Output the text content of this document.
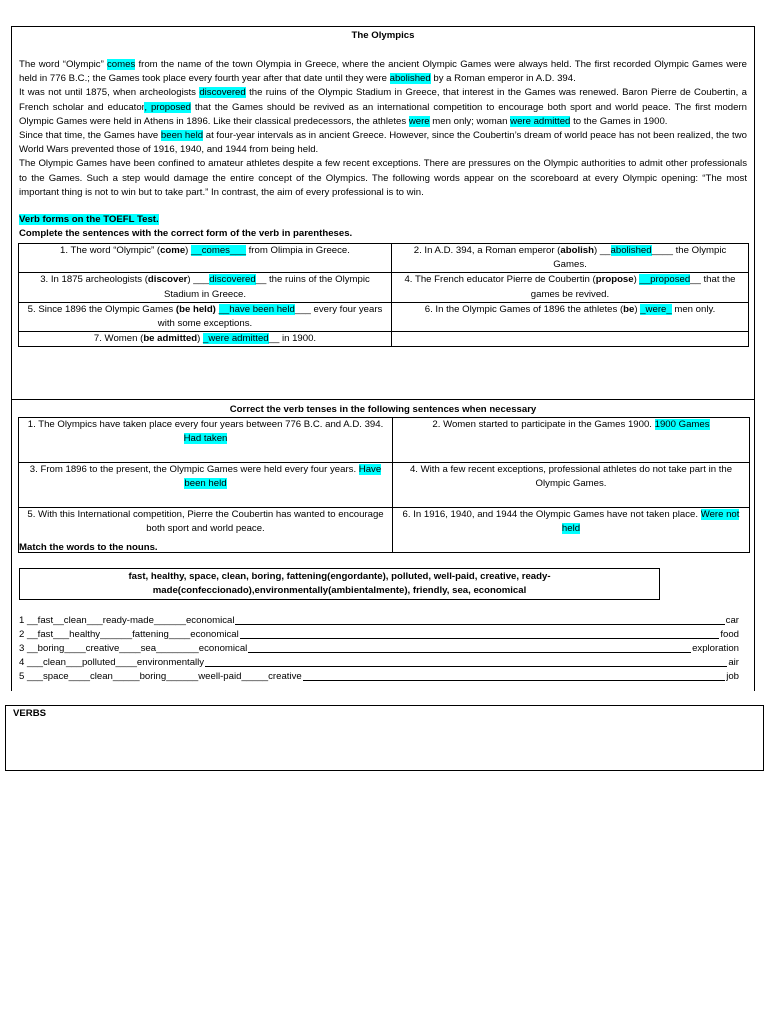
The Olympics

The word “Olympic” comes from the name of the town Olympia in Greece, where the ancient Olympic Games were always held. The first recorded Olympic Games were held in 776 B.C.; the Games took place every fourth year after that date until they were abolished by a Roman emperor in A.D. 394.

It was not until 1875, when archeologists discovered the ruins of the Olympic Stadium in Greece, that interest in the Games was renewed. Baron Pierre de Coubertin, a French scholar and educator, proposed that the Games should be revived as an international competition to encourage both sport and world peace. The first modern Olympic Games were held in Athens in 1896. Like their classical predecessors, the athletes were men only; woman were admitted to the Games in 1900.

Since that time, the Games have been held at four-year intervals as in ancient Greece. However, since the Coubertin’s dream of world peace has not been realized, the two World Wars prevented those of 1916, 1940, and 1944 from being held.

The Olympic Games have been confined to amateur athletes despite a few recent exceptions. There are pressures on the Olympic authorities to admit other professionals to the Games. Such a step would damage the entire concept of the Olympics. The following words appear on the scoreboard at every Olympic opening: “The most important thing is not to win but to take part.” In contrast, the aim of every professional is to win.

Verb forms on the TOEFL Test.
Complete the sentences with the correct form of the verb in parentheses.
1. The word “Olympic” (come) __comes___ from Olimpia in Greece.	2. In A.D. 394, a Roman emperor (abolish) __abolished____ the Olympic Games.
3. In 1875 archeologists (discover) ___discovered__ the ruins of the Olympic Stadium in Greece.	4. The French educator Pierre de Coubertin (propose) __proposed__ that the games be revived.
5. Since 1896 the Olympic Games (be held) __have been held___ every four years with some exceptions.	6. In the Olympic Games of 1896 the athletes (be) _were_ men only.
7. Women (be admitted) _were admitted__ in 1900.	
Correct the verb tenses in the following sentences when necessary
1. The Olympics have taken place every four years between 776 B.C. and A.D. 394. Had taken	2. Women started to participate in the Games 1900. 1900 Games
3. From 1896 to the present, the Olympic Games were held every four years. Have been held	4. With a few recent exceptions, professional athletes do not take part in the Olympic Games.
5. With this International competition, Pierre the Coubertin has wanted to encourage both sport and world peace.	6. In 1916, 1940, and 1944 the Olympic Games have not taken place. Were not held
Match the words to the nouns.
fast, healthy, space, clean, boring, fattening(engordante), polluted, well-paid, creative, ready-made(confeccionado),environmentally(ambientalmente), friendly, sea, economical
1 __fast__clean___ready-made______economical	car
2 __fast___healthy______fattening____economical	food
3 __boring____creative____sea________economical	exploration
4 ___clean___polluted____environmentally	air
5 ___space____clean_____boring______weell-paid_____creative	job
VERBS
